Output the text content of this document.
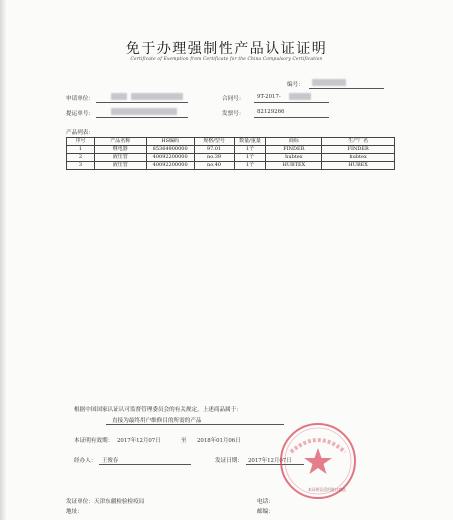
免于办理强制性产品认证证明
Certificate of Exemption from Certificate for the China Compulsory Certification
编号：
申请单位：	合同号： 9T-2017-
提运单号：	发票号： 82129266
产品列表：
序号	产品名称	HS编码	规格/型号	数量/重量	商标	生产厂名
1	继电器	85364900000	97.01	1个	FINDER	FINDER
2	液压管	40092200000	no.39	1个	hubtex	hubtex
3	液压管	40092200000	no.40	1个	HUBTEX	HUBEX
根据中国国家认证认可监督管理委员会的有关规定，上述商品属于：
直接为最终用户维修目的所需的产品
本证明有效期： 2017年12月07日	至 2018年01月06日
经办人： 王俊春	发证日期： 2017年12月07日
本证明仅适用进口商品
发证单位：天津东疆检验检疫局
地址：
电话：
邮编：
